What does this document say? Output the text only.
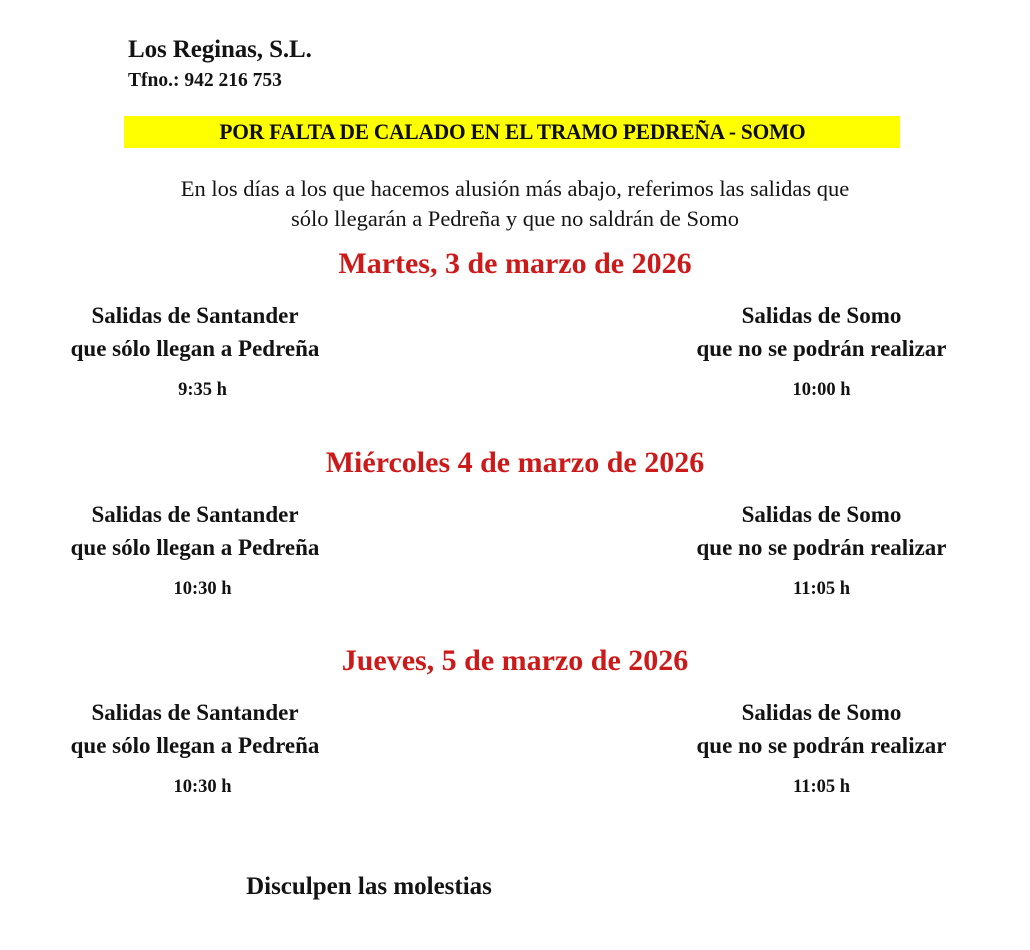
Los Reginas, S.L.
Tfno.: 942 216 753
POR FALTA DE CALADO EN EL TRAMO PEDREÑA - SOMO
En los días a los que hacemos alusión más abajo, referimos las salidas que
sólo llegarán a Pedreña y que no saldrán de Somo
Martes, 3 de marzo de 2026
Salidas de Santander
que sólo llegan a Pedreña
Salidas de Somo
que no se podrán realizar
9:35 h	10:00 h
Miércoles 4 de marzo de 2026
Salidas de Santander
que sólo llegan a Pedreña
Salidas de Somo
que no se podrán realizar
10:30 h	11:05 h
Jueves, 5 de marzo de 2026
Salidas de Santander
que sólo llegan a Pedreña
Salidas de Somo
que no se podrán realizar
10:30 h	11:05 h
Disculpen las molestias
